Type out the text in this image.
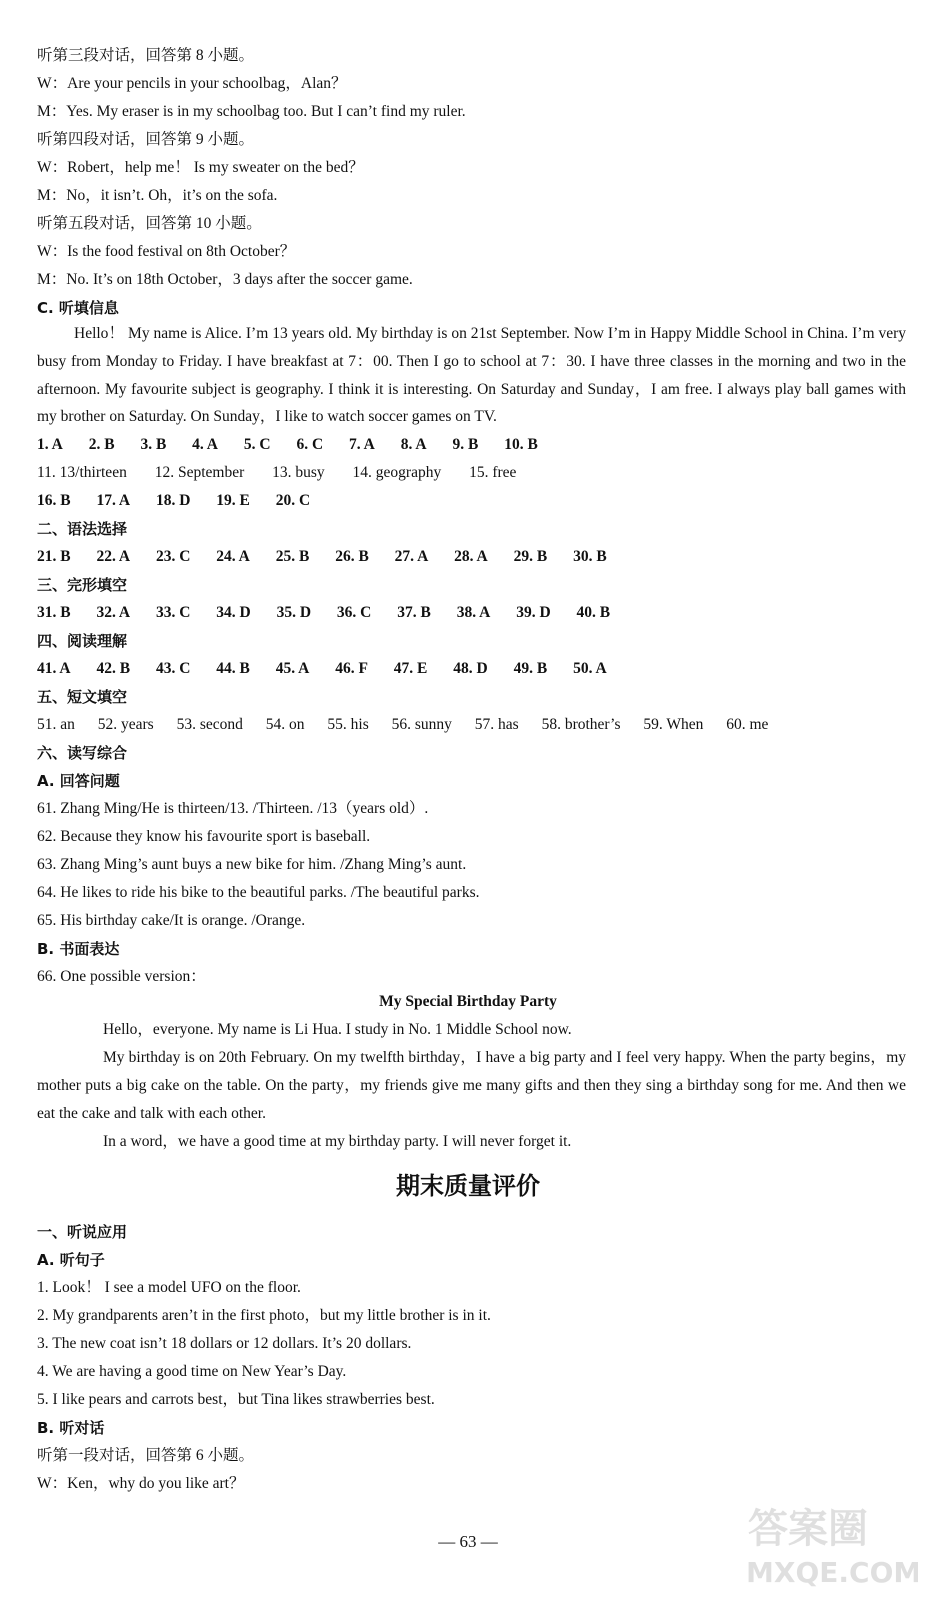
听第三段对话，回答第 8 小题。
W：Are your pencils in your schoolbag，Alan？
M：Yes. My eraser is in my schoolbag too. But I can’t find my ruler.
听第四段对话，回答第 9 小题。
W：Robert，help me！ Is my sweater on the bed？
M：No，it isn’t. Oh，it’s on the sofa.
听第五段对话，回答第 10 小题。
W：Is the food festival on 8th October？
M：No. It’s on 18th October，3 days after the soccer game.
C. 听填信息
Hello！ My name is Alice. I’m 13 years old. My birthday is on 21st September. Now I’m in Happy Middle School in China. I’m very busy from Monday to Friday. I have breakfast at 7：00. Then I go to school at 7：30. I have three classes in the morning and two in the afternoon. My favourite subject is geography. I think it is interesting. On Saturday and Sunday，I am free. I always play ball games with my brother on Saturday. On Sunday，I like to watch soccer games on TV.
1. A 2. B 3. B 4. A 5. C 6. C 7. A 8. A 9. B 10. B
11. 13/thirteen 12. September 13. busy 14. geography 15. free
16. B 17. A 18. D 19. E 20. C
二、语法选择
21. B 22. A 23. C 24. A 25. B 26. B 27. A 28. A 29. B 30. B
三、完形填空
31. B 32. A 33. C 34. D 35. D 36. C 37. B 38. A 39. D 40. B
四、阅读理解
41. A 42. B 43. C 44. B 45. A 46. F 47. E 48. D 49. B 50. A
五、短文填空
51. an 52. years 53. second 54. on 55. his 56. sunny 57. has 58. brother’s 59. When 60. me
六、读写综合
A. 回答问题
61. Zhang Ming/He is thirteen/13. /Thirteen. /13（years old）.
62. Because they know his favourite sport is baseball.
63. Zhang Ming’s aunt buys a new bike for him. /Zhang Ming’s aunt.
64. He likes to ride his bike to the beautiful parks. /The beautiful parks.
65. His birthday cake/It is orange. /Orange.
B. 书面表达
66. One possible version：
My Special Birthday Party
Hello，everyone. My name is Li Hua. I study in No. 1 Middle School now.
My birthday is on 20th February. On my twelfth birthday，I have a big party and I feel very happy. When the party begins，my mother puts a big cake on the table. On the party，my friends give me many gifts and then they sing a birthday song for me. And then we eat the cake and talk with each other.
In a word，we have a good time at my birthday party. I will never forget it.
期末质量评价
一、听说应用
A. 听句子
1. Look！ I see a model UFO on the floor.
2. My grandparents aren’t in the first photo，but my little brother is in it.
3. The new coat isn’t 18 dollars or 12 dollars. It’s 20 dollars.
4. We are having a good time on New Year’s Day.
5. I like pears and carrots best，but Tina likes strawberries best.
B. 听对话
听第一段对话，回答第 6 小题。
W：Ken，why do you like art？
— 63 —	答案圈
MXQE.COM
